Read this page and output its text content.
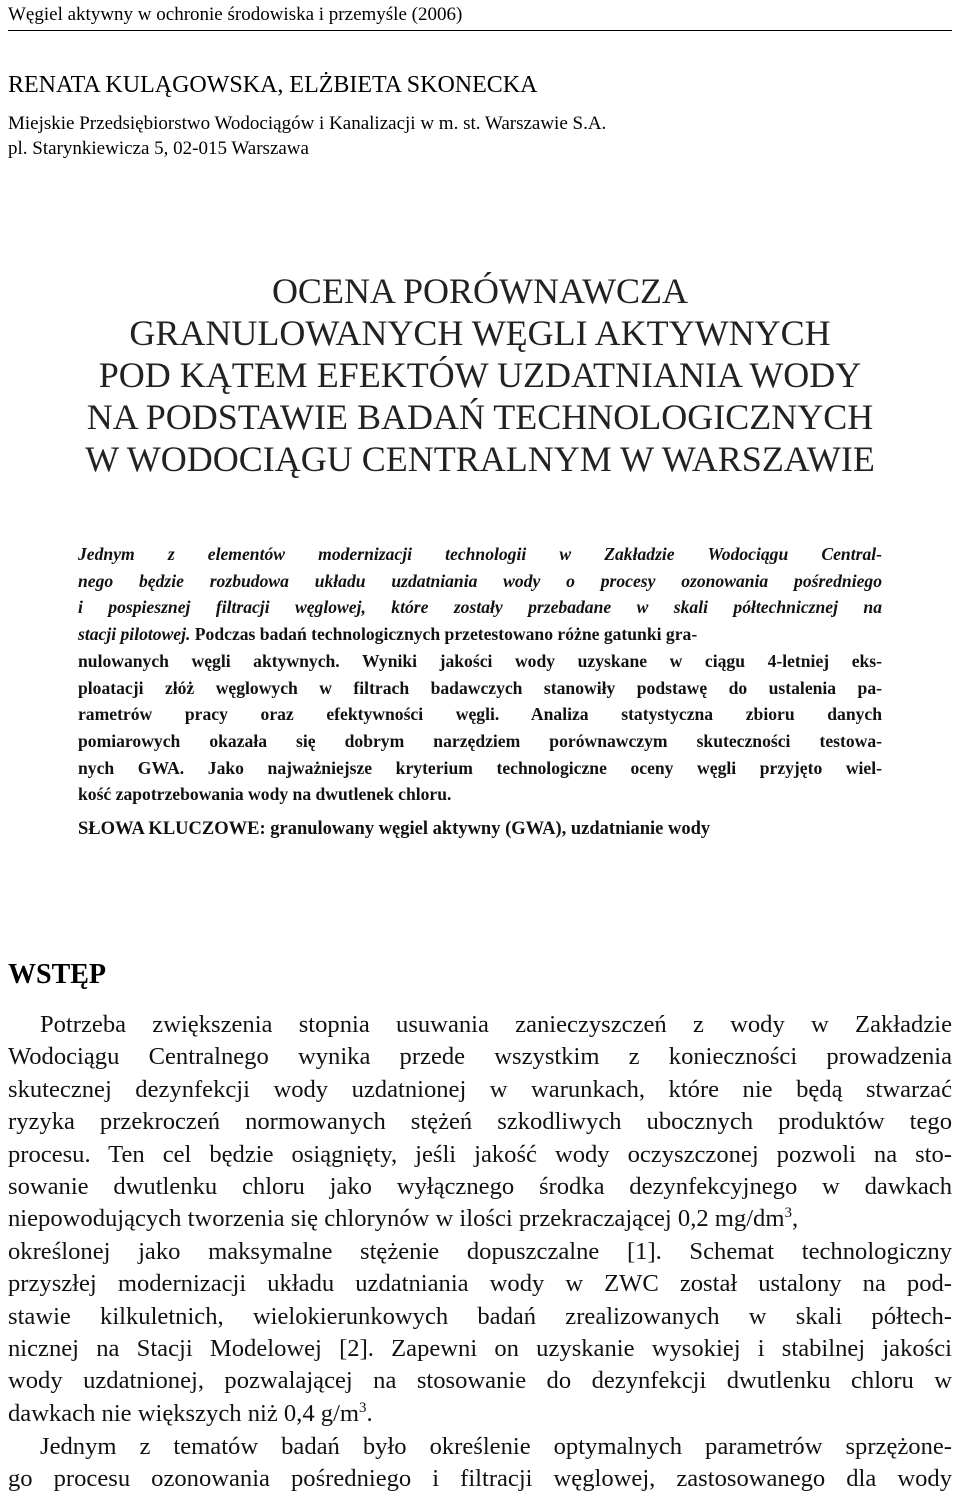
Węgiel aktywny w ochronie środowiska i przemyśle (2006)
RENATA KULĄGOWSKA, ELŻBIETA SKONECKA
Miejskie Przedsiębiorstwo Wodociągów i Kanalizacji w m. st. Warszawie S.A.
pl. Starynkiewicza 5, 02-015 Warszawa
OCENA PORÓWNAWCZA
GRANULOWANYCH WĘGLI AKTYWNYCH
POD KĄTEM EFEKTÓW UZDATNIANIA WODY
NA PODSTAWIE BADAŃ TECHNOLOGICZNYCH
W WODOCIĄGU CENTRALNYM W WARSZAWIE
Jednym z elementów modernizacji technologii w Zakładzie Wodociągu Central-
nego będzie rozbudowa układu uzdatniania wody o procesy ozonowania pośredniego
i pospiesznej filtracji węglowej, które zostały przebadane w skali półtechnicznej na
stacji pilotowej. Podczas badań technologicznych przetestowano różne gatunki gra-
nulowanych węgli aktywnych. Wyniki jakości wody uzyskane w ciągu 4-letniej eks-
ploatacji złóż węglowych w filtrach badawczych stanowiły podstawę do ustalenia pa-
rametrów pracy oraz efektywności węgli. Analiza statystyczna zbioru danych
pomiarowych okazała się dobrym narzędziem porównawczym skuteczności testowa-
nych GWA. Jako najważniejsze kryterium technologiczne oceny węgli przyjęto wiel-
kość zapotrzebowania wody na dwutlenek chloru.
SŁOWA KLUCZOWE: granulowany węgiel aktywny (GWA), uzdatnianie wody
WSTĘP
Potrzeba zwiększenia stopnia usuwania zanieczyszczeń z wody w Zakładzie
Wodociągu Centralnego wynika przede wszystkim z konieczności prowadzenia
skutecznej dezynfekcji wody uzdatnionej w warunkach, które nie będą stwarzać
ryzyka przekroczeń normowanych stężeń szkodliwych ubocznych produktów tego
procesu. Ten cel będzie osiągnięty, jeśli jakość wody oczyszczonej pozwoli na sto-
sowanie dwutlenku chloru jako wyłącznego środka dezynfekcyjnego w dawkach
niepowodujących tworzenia się chlorynów w ilości przekraczającej 0,2 $mg/dm^3$,
określonej jako maksymalne stężenie dopuszczalne [1]. Schemat technologiczny
przyszłej modernizacji układu uzdatniania wody w ZWC został ustalony na pod-
stawie kilkuletnich, wielokierunkowych badań zrealizowanych w skali półtech-
nicznej na Stacji Modelowej [2]. Zapewni on uzyskanie wysokiej i stabilnej jakości
wody uzdatnionej, pozwalającej na stosowanie do dezynfekcji dwutlenku chloru w
dawkach nie większych niż 0,4 $g/m^3$.
Jednym z tematów badań było określenie optymalnych parametrów sprzężone-
go procesu ozonowania pośredniego i filtracji węglowej, zastosowanego dla wody
